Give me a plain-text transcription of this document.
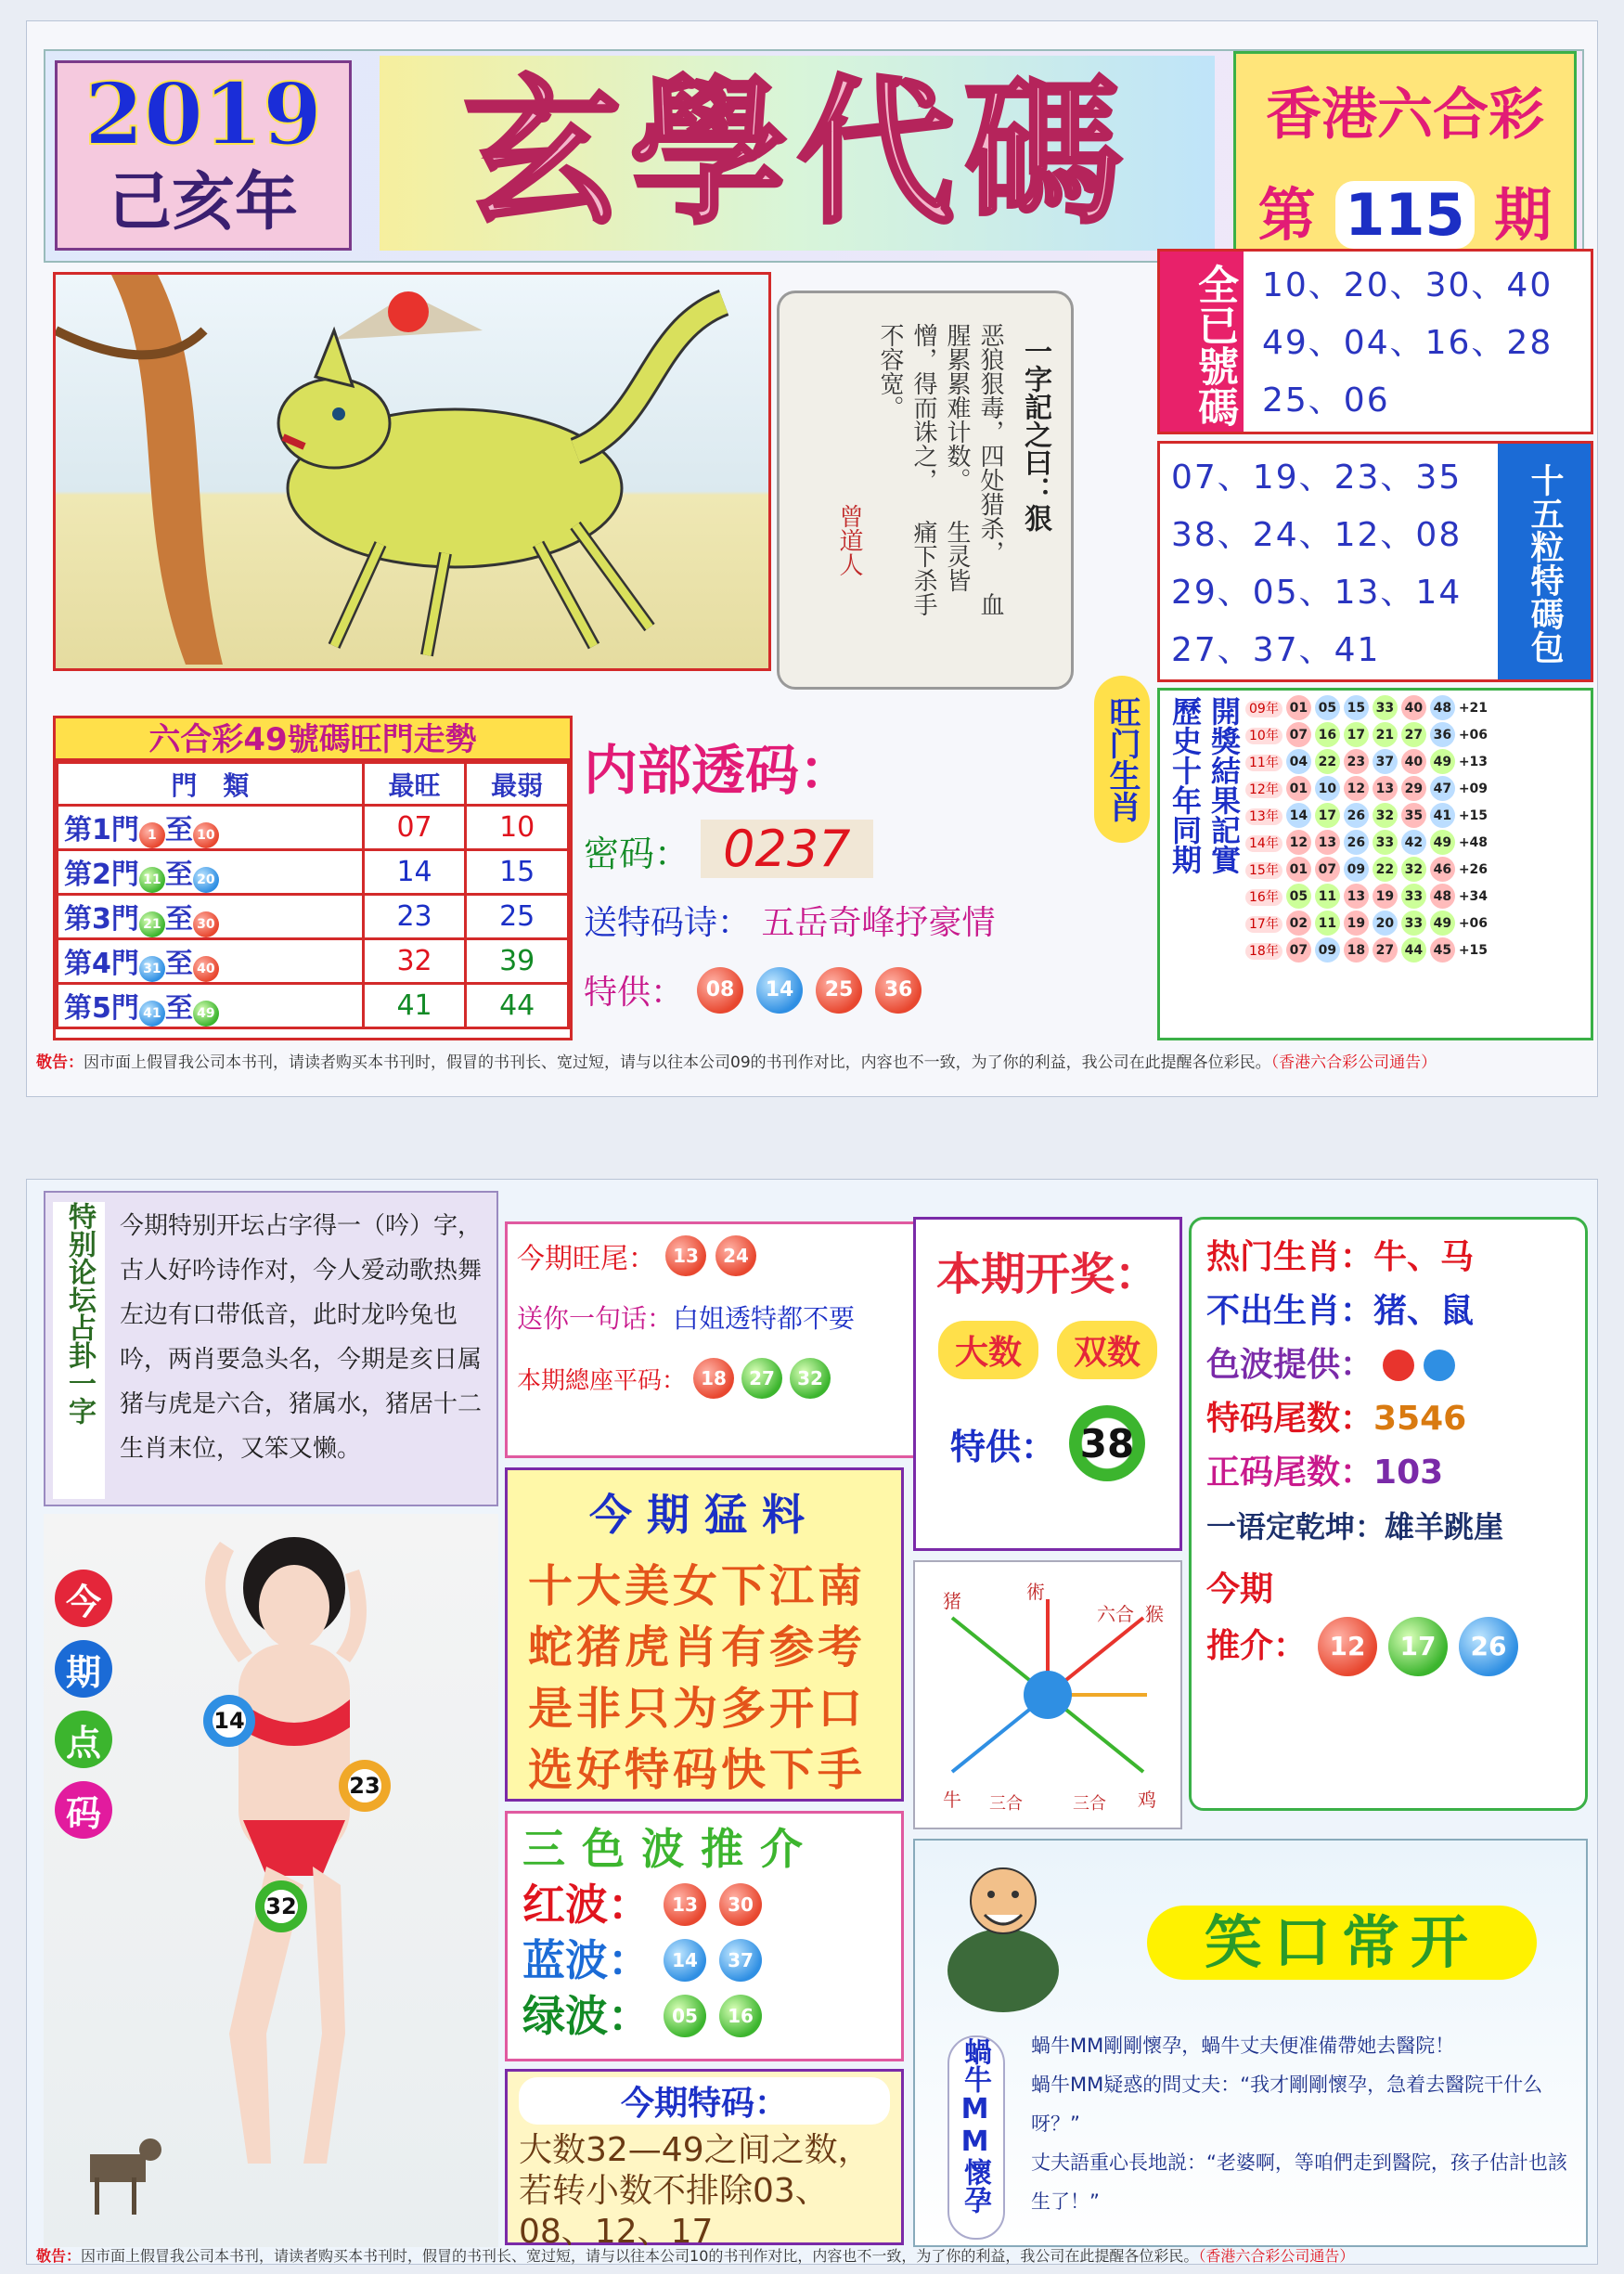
2019
己亥年	玄學代碼	香港六合彩
第 115 期
一字記之曰：狠
恶狼狠毒，四处猎杀， 血腥累累难计数。 生灵皆憎，得而诛之， 痛下杀手不容宽。
曾道人
全已號碼 10、20、30、40
49、04、16、28
25、06
07、19、23、35
38、24、12、08
29、05、13、14
27、37、41	十五粒特碼包中
六合彩49號碼旺門走勢
門　類	最旺	最弱
第1門 1 至 10	07	10
第2門 11 至 20	14	15
第3門 21 至 30	23	25
第4門 31 至 40	32	39
第5門 41 至 49	41	44
内部透码：
密码： 0237
送特码诗： 五岳奇峰抒豪情
特供：	08	14	25	36
旺门生肖	開獎結果記實
歷史十年同期	09年	01	05	15	33	40	48	+21
10年	07	16	17	21	27	36	+06
11年	04	22	23	37	40	49	+13
12年	01	10	12	13	29	47	+09
13年	14	17	26	32	35	41	+15
14年	12	13	26	33	42	49	+48
15年	01	07	09	22	32	46	+26
16年	05	11	13	19	33	48	+34
17年	02	11	19	20	33	49	+06
18年	07	09	18	27	44	45	+15
敬告：因市面上假冒我公司本书刊，请读者购买本书刊时，假冒的书刊长、宽过短，请与以往本公司09的书刊作对比，内容也不一致，为了你的利益，我公司在此提醒各位彩民。（香港六合彩公司通告）
特别论坛占卦一字	今期特别开坛占字得一（吟）字，古人好吟诗作对，今人爱动歌热舞左边有口带低音，此时龙吟兔也吟，两肖要急头名，今期是亥日属猪与虎是六合，猪属水，猪居十二生肖末位，又笨又懒。
今
期
点
码
14
23
32
今期旺尾： 13	24
送你一句话：白姐透特都不要
本期總座平码： 18	27	32
今期猛料
十大美女下江南
蛇猪虎肖有参考
是非只为多开口
选好特码快下手
本期开奖：
大数	双数
特供： 38
猪	術
六合 猴
牛 三合	三合 鸡
热门生肖：牛、马
不出生肖：猪、鼠
色波提供：
特码尾数：3546
正码尾数：103
一语定乾坤：雄羊跳崖
今期
推介： 12	17	26
三色波推介
红波：	13	30
蓝波：	14	37
绿波：	05	16
今期特码：
大数32—49之间之数，若转小数不排除03、08、12、17
笑口常开
蝸牛MM懷孕	蝸牛MM剛剛懷孕，蝸牛丈夫便准備帶她去醫院！
蝸牛MM疑惑的問丈夫：“我才剛剛懷孕，急着去醫院干什么呀？”
丈夫語重心長地説：“老婆啊，等咱們走到醫院，孩子估計也該生了！”
敬告：因市面上假冒我公司本书刊，请读者购买本书刊时，假冒的书刊长、宽过短，请与以往本公司10的书刊作对比，内容也不一致，为了你的利益，我公司在此提醒各位彩民。（香港六合彩公司通告）
